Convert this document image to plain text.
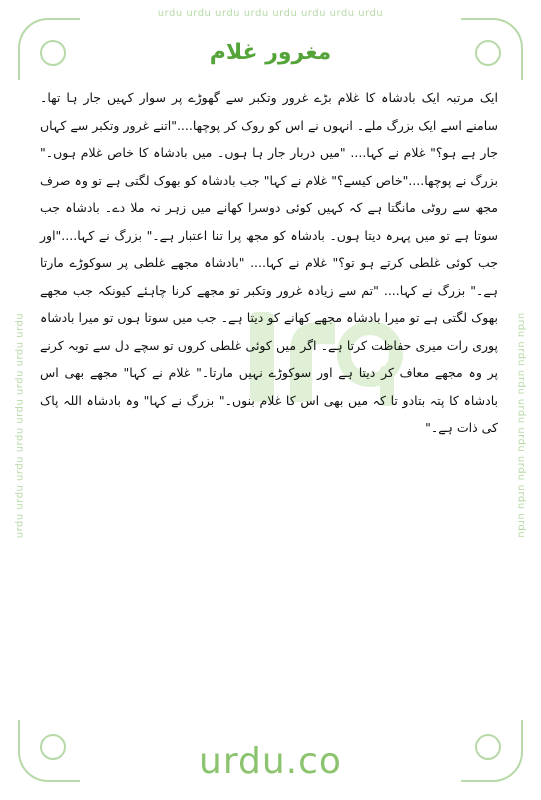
urdu urdu urdu urdu urdu urdu urdu urdu
urdu urdu urdu urdu urdu urdu urdu urdu	urdu urdu urdu urdu urdu urdu urdu urdu
مغرور غلام
ایک مرتبہ ایک بادشاہ کا غلام بڑے غرور وتکبر سے گھوڑے پر سوار کہیں جار ہا تھا۔ سامنے اسے ایک بزرگ ملے۔ انہوں نے اس کو روک کر پوچھا...."اتنے غرور وتکبر سے کہاں جار ہے ہو؟" غلام نے کہا.... "میں دربار جار ہا ہوں۔ میں بادشاہ کا خاص غلام ہوں۔" بزرگ نے پوچھا...."خاص کیسے؟" غلام نے کہا" جب بادشاہ کو بھوک لگتی ہے تو وہ صرف مجھ سے روٹی مانگتا ہے کہ کہیں کوئی دوسرا کھانے میں زہر نہ ملا دے۔ بادشاہ جب سوتا ہے تو میں پہرہ دیتا ہوں۔ بادشاہ کو مجھ پرا تنا اعتبار ہے۔" بزرگ نے کہا...."اور جب کوئی غلطی کرتے ہو تو؟" غلام نے کہا.... "بادشاہ مجھے غلطی پر سوکوڑے مارتا ہے۔" بزرگ نے کہا.... "تم سے زیادہ غرور وتکبر تو مجھے کرنا چاہئے کیونکہ جب مجھے بھوک لگتی ہے تو میرا بادشاہ مجھے کھانے کو دیتا ہے۔ جب میں سوتا ہوں تو میرا بادشاہ پوری رات میری حفاظت کرتا ہے۔ اگر میں کوئی غلطی کروں تو سچے دل سے توبہ کرنے پر وہ مجھے معاف کر دیتا ہے اور سوکوڑے نہیں مارتا۔" غلام نے کہا" مجھے بھی اس بادشاہ کا پتہ بتادو تا کہ میں بھی اس کا غلام بنوں۔" بزرگ نے کہا" وہ بادشاہ اللہ پاک کی ذات ہے۔"
urdu.co
